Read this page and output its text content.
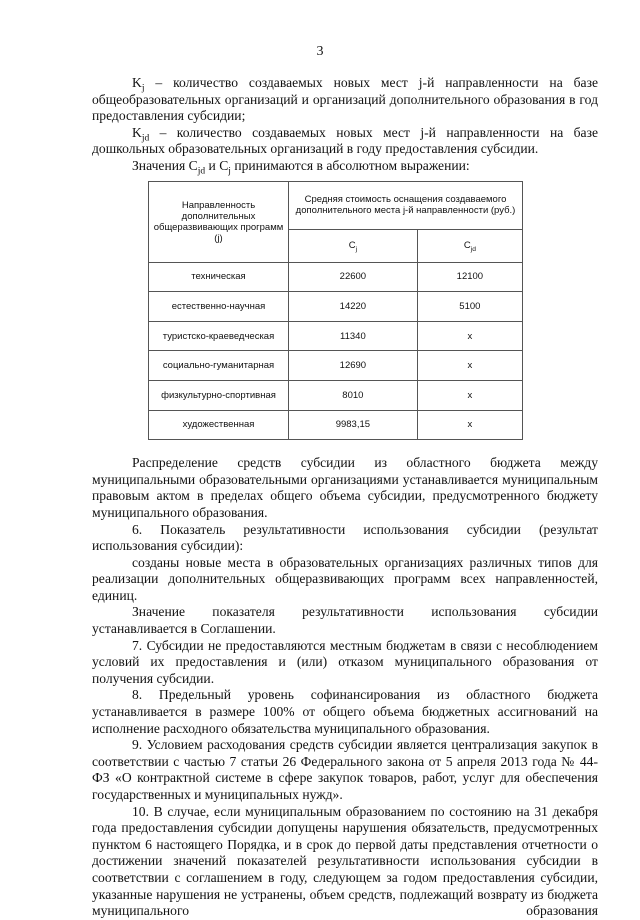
3

$K_j$ – количество создаваемых новых мест j-й направленности на базе общеобразовательных организаций и организаций дополнительного образования в год предоставления субсидии;

$K_{jd}$ – количество создаваемых новых мест j-й направленности на базе дошкольных образовательных организаций в году предоставления субсидии.

Значения $C_{jd}$ и $C_j$ принимаются в абсолютном выражении:

Направленность дополнительных общеразвивающих программ (j)	Средняя стоимость оснащения создаваемого дополнительного места j-й направленности (руб.)	
	$C_j$	$C_{jd}$
техническая	22600	12100
естественно-научная	14220	5100
туристско-краеведческая	11340	x
социально-гуманитарная	12690	x
физкультурно-спортивная	8010	x
художественная	9983,15	x

Распределение средств субсидии из областного бюджета между муниципальными образовательными организациями устанавливается муниципальным правовым актом в пределах общего объема субсидии, предусмотренного бюджету муниципального образования.

6. Показатель результативности использования субсидии (результат использования субсидии):

созданы новые места в образовательных организациях различных типов для реализации дополнительных общеразвивающих программ всех направленностей, единиц.

Значение показателя результативности использования субсидии устанавливается в Соглашении.

7. Субсидии не предоставляются местным бюджетам в связи с несоблюдением условий их предоставления и (или) отказом муниципального образования от получения субсидии.

8. Предельный уровень софинансирования из областного бюджета устанавливается в размере 100% от общего объема бюджетных ассигнований на исполнение расходного обязательства муниципального образования.

9. Условием расходования средств субсидии является централизация закупок в соответствии с частью 7 статьи 26 Федерального закона от 5 апреля 2013 года № 44-ФЗ «О контрактной системе в сфере закупок товаров, работ, услуг для обеспечения государственных и муниципальных нужд».

10. В случае, если муниципальным образованием по состоянию на 31 декабря года предоставления субсидии допущены нарушения обязательств, предусмотренных пунктом 6 настоящего Порядка, и в срок до первой даты представления отчетности о достижении значений показателей результативности использования субсидии в соответствии с соглашением в году, следующем за годом предоставления субсидии, указанные нарушения не устранены, объем средств, подлежащий возврату из бюджета муниципального образования
